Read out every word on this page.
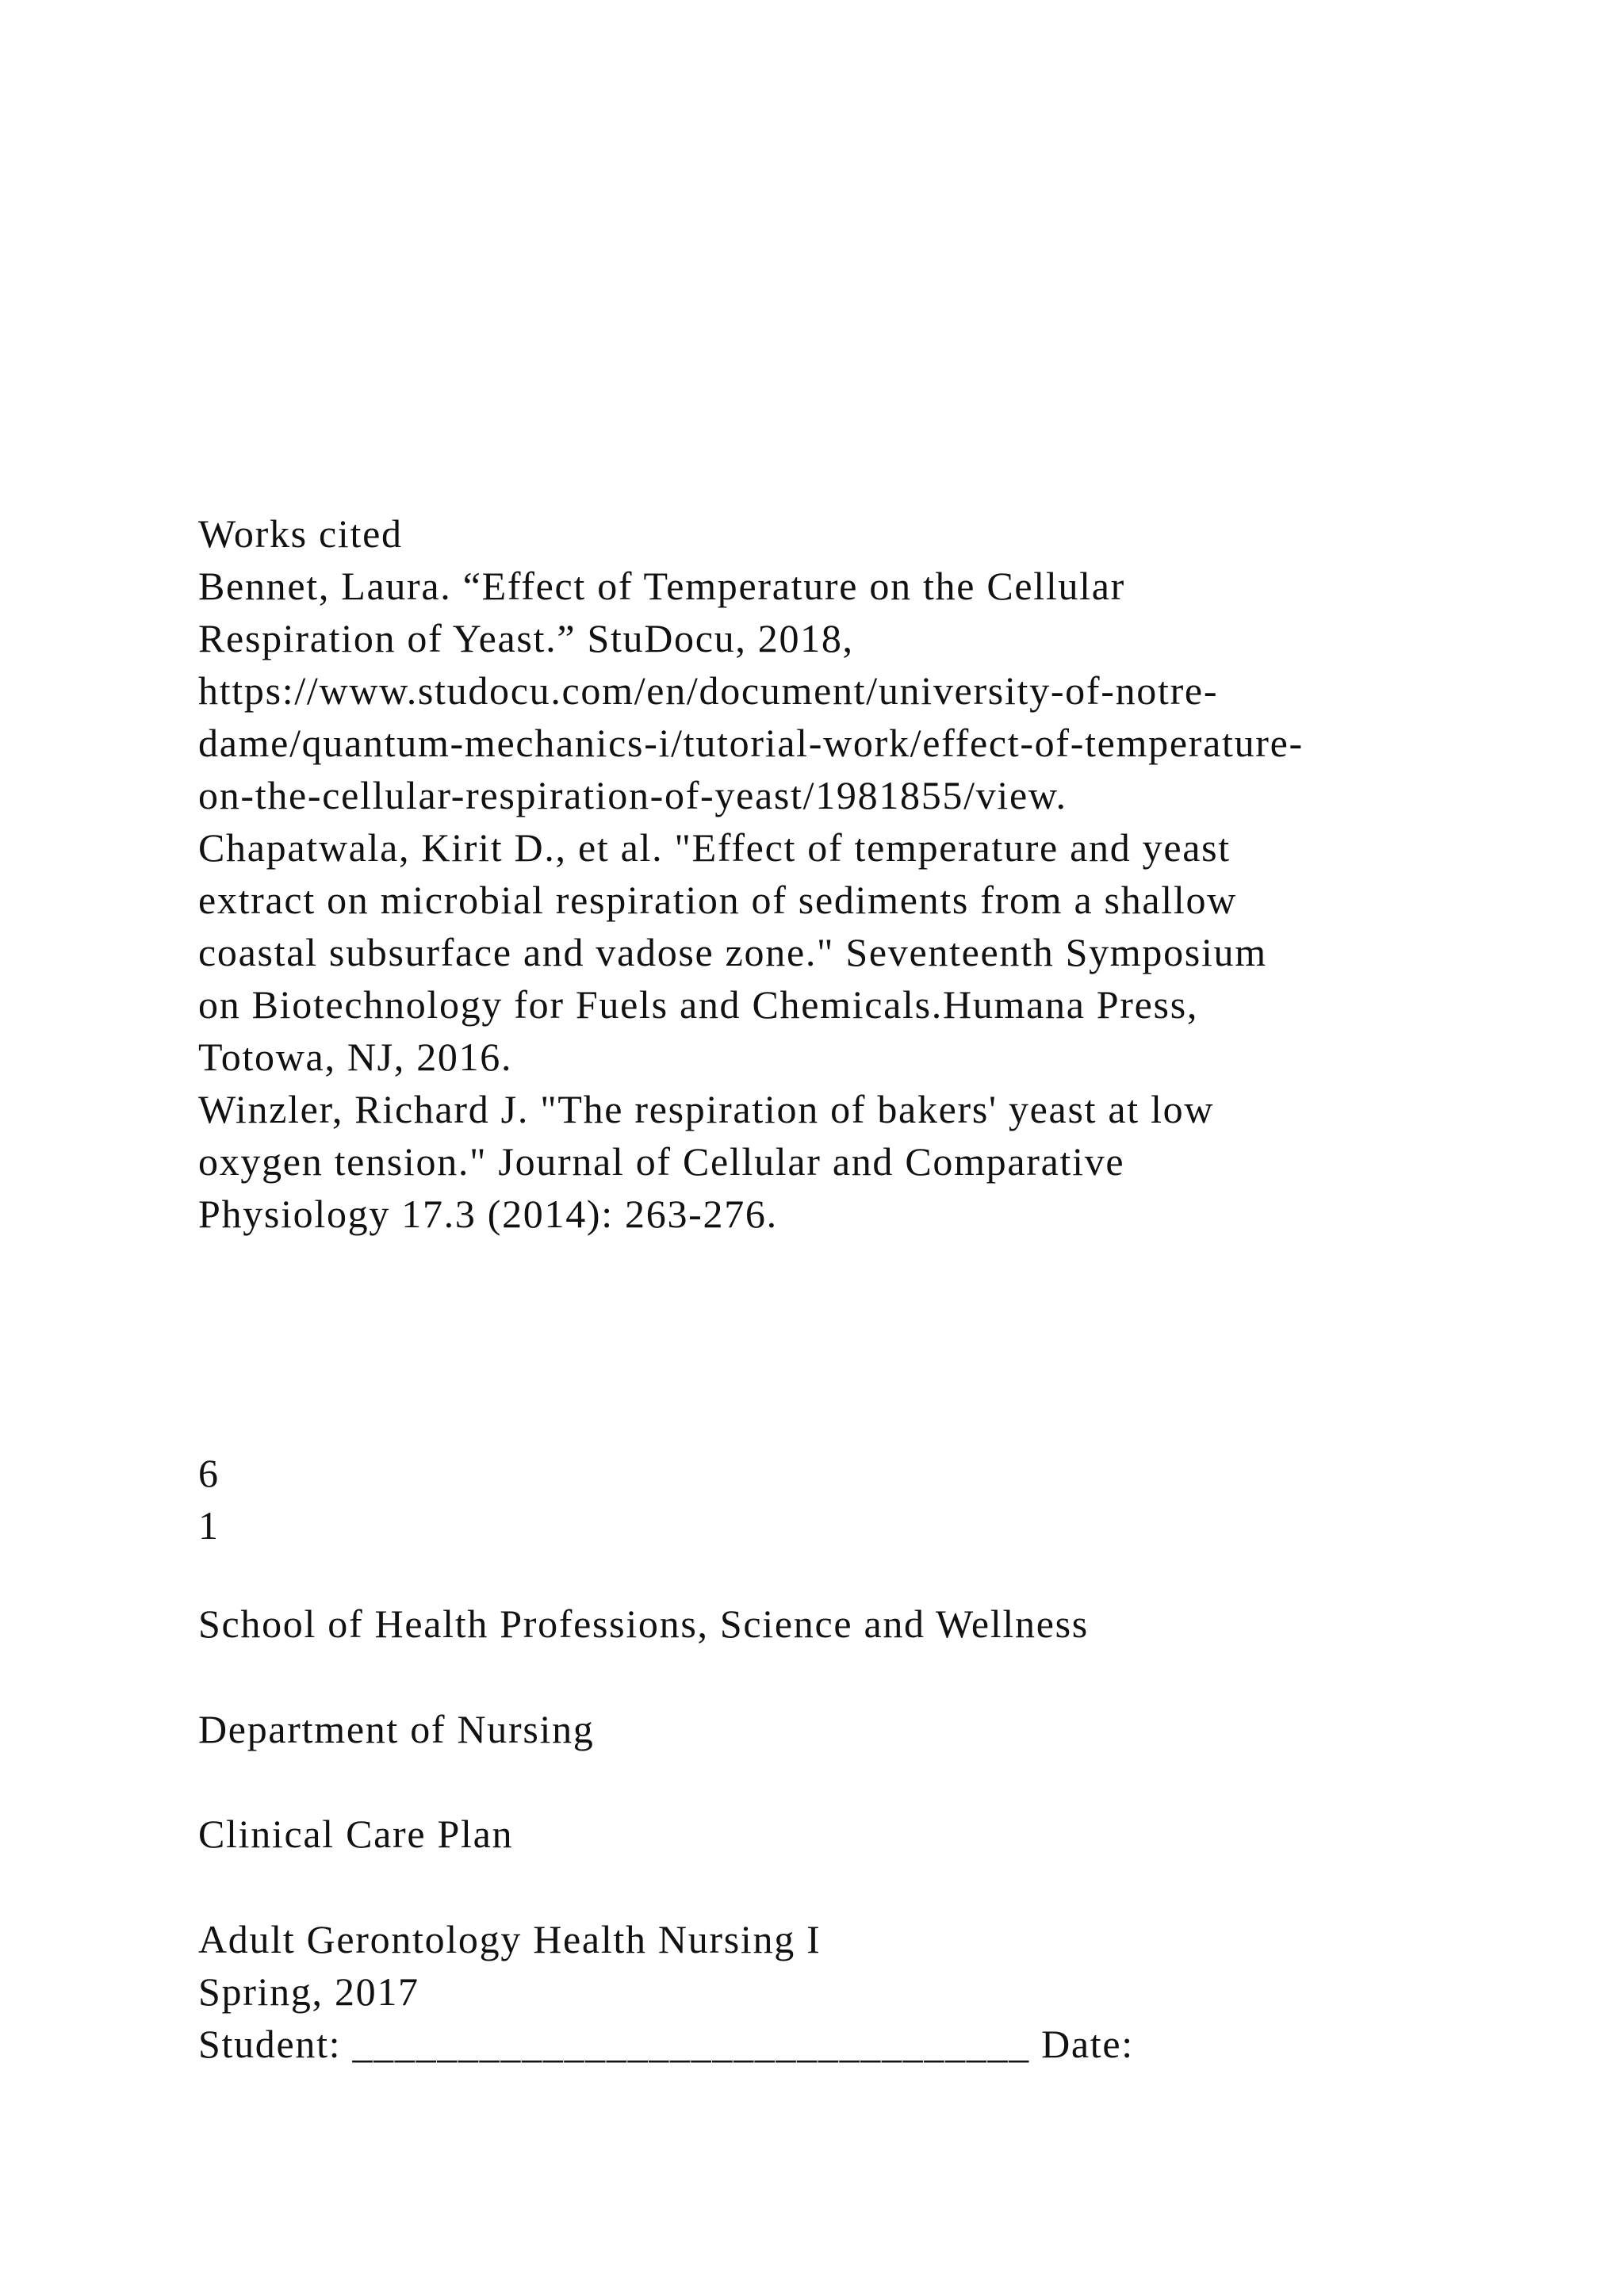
Works cited
Bennet, Laura. “Effect of Temperature on the Cellular
Respiration of Yeast.” StuDocu, 2018,
https://www.studocu.com/en/document/university-of-notre-
dame/quantum-mechanics-i/tutorial-work/effect-of-temperature-
on-the-cellular-respiration-of-yeast/1981855/view.
Chapatwala, Kirit D., et al. "Effect of temperature and yeast
extract on microbial respiration of sediments from a shallow
coastal subsurface and vadose zone." Seventeenth Symposium
on Biotechnology for Fuels and Chemicals.Humana Press,
Totowa, NJ, 2016.
Winzler, Richard J. "The respiration of bakers' yeast at low
oxygen tension." Journal of Cellular and Comparative
Physiology 17.3 (2014): 263-276.
6
1
School of Health Professions, Science and Wellness
Department of Nursing
Clinical Care Plan
Adult Gerontology Health Nursing I
Spring, 2017
Student: ________________________________ Date:
